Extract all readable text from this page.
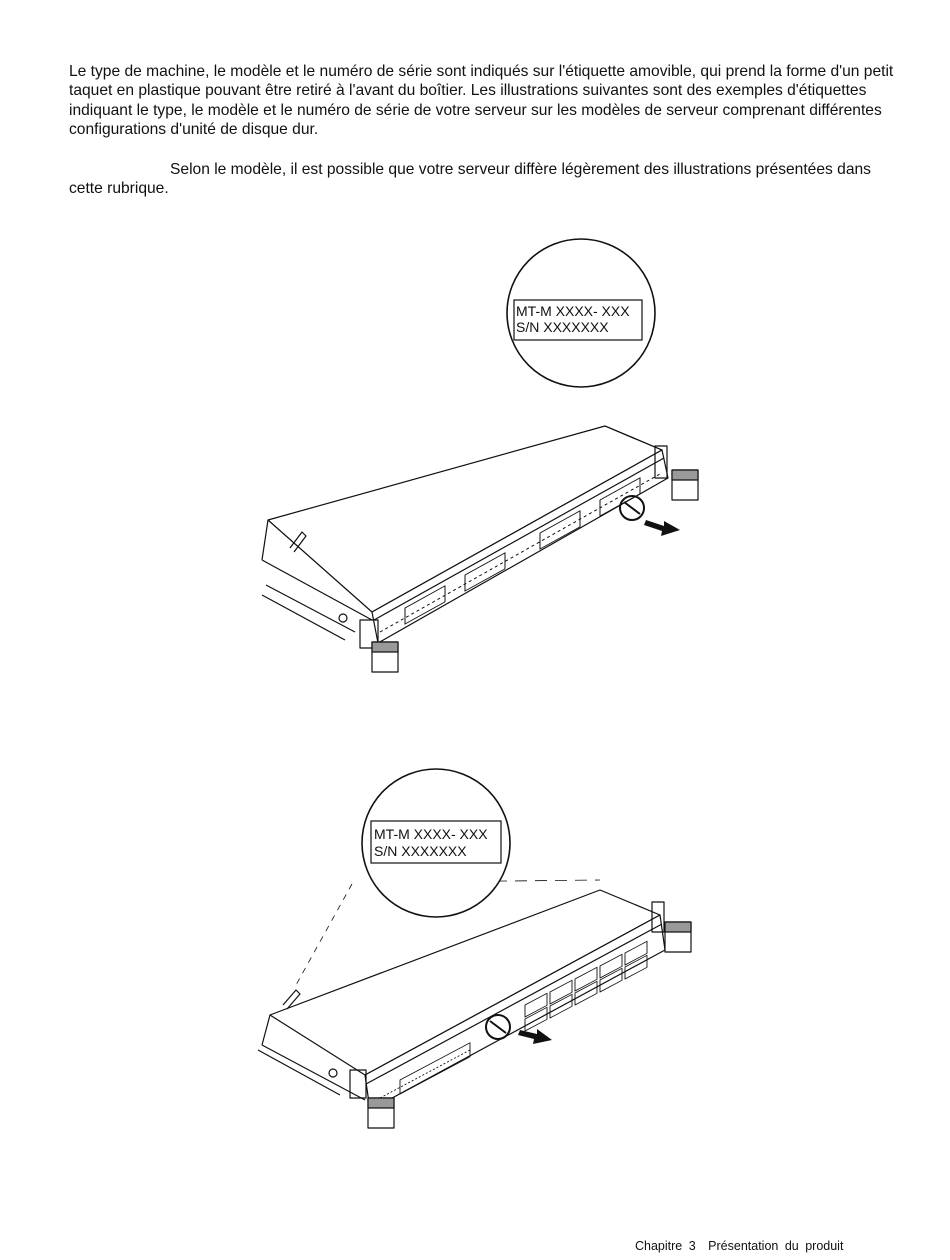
Le type de machine, le modèle et le numéro de série sont indiqués sur l'étiquette amovible, qui prend la forme d'un petit taquet en plastique pouvant être retiré à l'avant du boîtier. Les illustrations suivantes sont des exemples d'étiquettes indiquant le type, le modèle et le numéro de série de votre serveur sur les modèles de serveur comprenant différentes configurations d'unité de disque dur.

Selon le modèle, il est possible que votre serveur diffère légèrement des illustrations présentées dans cette rubrique.

MT-M XXXX- XXX
S/N XXXXXXX
MT-M XXXX- XXX
S/N XXXXXXX
Chapitre 3 Présentation du produit
